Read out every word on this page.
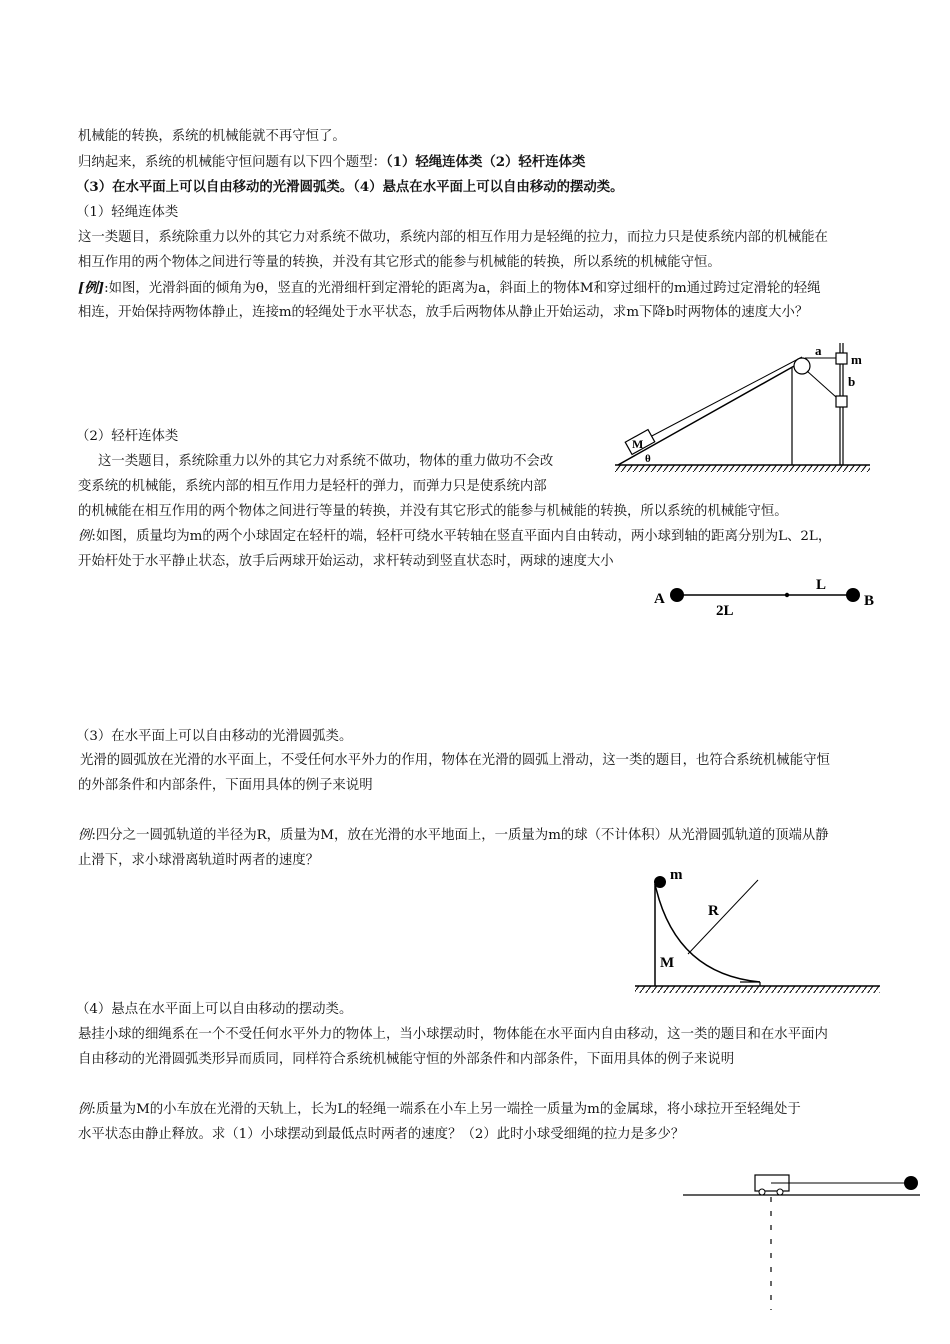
机械能的转换，系统的机械能就不再守恒了。
归纳起来，系统的机械能守恒问题有以下四个题型：（1）轻绳连体类（2）轻杆连体类
（3）在水平面上可以自由移动的光滑圆弧类。（4）悬点在水平面上可以自由移动的摆动类。
（1）轻绳连体类
这一类题目，系统除重力以外的其它力对系统不做功，系统内部的相互作用力是轻绳的拉力，而拉力只是使系统内部的机械能在
相互作用的两个物体之间进行等量的转换，并没有其它形式的能参与机械能的转换，所以系统的机械能守恒。
[例]:如图，光滑斜面的倾角为θ，竖直的光滑细杆到定滑轮的距离为a，斜面上的物体M和穿过细杆的m通过跨过定滑轮的轻绳
相连，开始保持两物体静止，连接m的轻绳处于水平状态，放手后两物体从静止开始运动，求m下降b时两物体的速度大小？
（2）轻杆连体类
这一类题目，系统除重力以外的其它力对系统不做功，物体的重力做功不会改
变系统的机械能，系统内部的相互作用力是轻杆的弹力，而弹力只是使系统内部
的机械能在相互作用的两个物体之间进行等量的转换，并没有其它形式的能参与机械能的转换，所以系统的机械能守恒。
例:如图，质量均为m的两个小球固定在轻杆的端，轻杆可绕水平转轴在竖直平面内自由转动，两小球到轴的距离分别为L、2L，
开始杆处于水平静止状态，放手后两球开始运动，求杆转动到竖直状态时，两球的速度大小
（3）在水平面上可以自由移动的光滑圆弧类。
光滑的圆弧放在光滑的水平面上，不受任何水平外力的作用，物体在光滑的圆弧上滑动，这一类的题目，也符合系统机械能守恒
的外部条件和内部条件，下面用具体的例子来说明
例:四分之一圆弧轨道的半径为R，质量为M，放在光滑的水平地面上，一质量为m的球（不计体积）从光滑圆弧轨道的顶端从静
止滑下，求小球滑离轨道时两者的速度？
（4）悬点在水平面上可以自由移动的摆动类。
悬挂小球的细绳系在一个不受任何水平外力的物体上，当小球摆动时，物体能在水平面内自由移动，这一类的题目和在水平面内
自由移动的光滑圆弧类形异而质同，同样符合系统机械能守恒的外部条件和内部条件，下面用具体的例子来说明
例:质量为M的小车放在光滑的天轨上，长为L的轻绳一端系在小车上另一端拴一质量为m的金属球，将小球拉开至轻绳处于
水平状态由静止释放。求（1）小球摆动到最低点时两者的速度？（2）此时小球受细绳的拉力是多少？
M
θ
a
m
b
A	B
L
2L
m
R
M
